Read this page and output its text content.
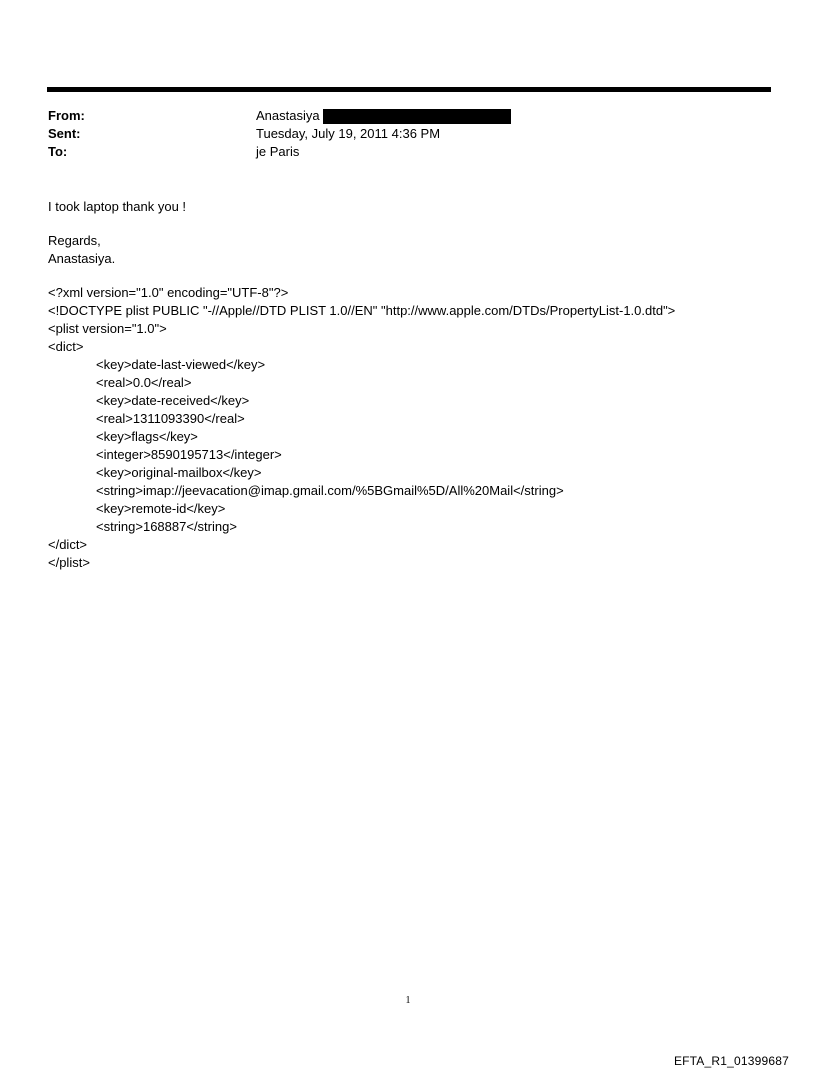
From:	Anastasiya
Sent:	Tuesday, July 19, 2011 4:36 PM
To:	je Paris
I took laptop thank you !
Regards,
Anastasiya.
<?xml version="1.0" encoding="UTF-8"?>
<!DOCTYPE plist PUBLIC "-//Apple//DTD PLIST 1.0//EN" "http://www.apple.com/DTDs/PropertyList-1.0.dtd">
<plist version="1.0">
<dict>
<key>date-last-viewed</key>
<real>0.0</real>
<key>date-received</key>
<real>1311093390</real>
<key>flags</key>
<integer>8590195713</integer>
<key>original-mailbox</key>
<string>imap://jeevacation@imap.gmail.com/%5BGmail%5D/All%20Mail</string>
<key>remote-id</key>
<string>168887</string>
</dict>
</plist>
1
EFTA_R1_01399687
